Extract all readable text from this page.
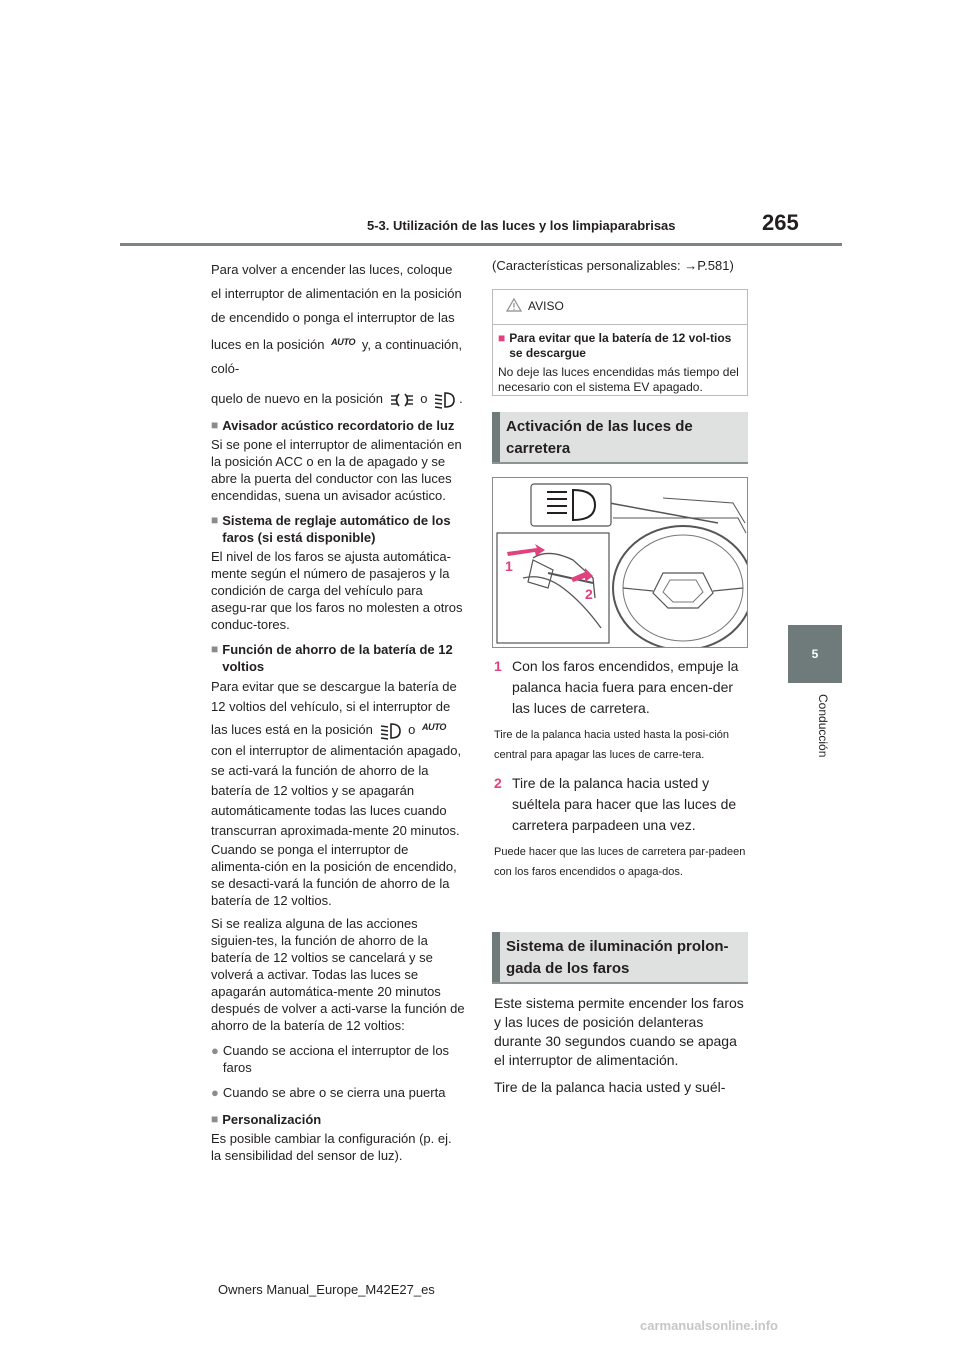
5-3. Utilización de las luces y los limpiaparabrisas	265
5
Conducción

Para volver a encender las luces, coloque el interruptor de alimentación en la posición de encendido o ponga el interruptor de las luces en la posición $^{AUTO}$ y, a continuación, coló-

quelo de nuevo en la posición	o .

■ Avisador acústico recordatorio de luz

Si se pone el interruptor de alimentación en la posición ACC o en la de apagado y se abre la puerta del conductor con las luces encendidas, suena un avisador acústico.

■ Sistema de reglaje automático de los faros (si está disponible)

El nivel de los faros se ajusta automática-mente según el número de pasajeros y la condición de carga del vehículo para asegu-rar que los faros no molesten a otros conduc-tores.

■ Función de ahorro de la batería de 12 voltios

Para evitar que se descargue la batería de 12 voltios del vehículo, si el interruptor de las luces está en la posición	o $^{AUTO}$ con el interruptor de alimentación apagado, se acti-vará la función de ahorro de la batería de 12 voltios y se apagarán automáticamente todas las luces cuando transcurran aproximada-mente 20 minutos.

Cuando se ponga el interruptor de alimenta-ción en la posición de encendido, se desacti-vará la función de ahorro de la batería de 12 voltios.

Si se realiza alguna de las acciones siguien-tes, la función de ahorro de la batería de 12 voltios se cancelará y se volverá a activar. Todas las luces se apagarán automática-mente 20 minutos después de volver a acti-varse la función de ahorro de la batería de 12 voltios:

● Cuando se acciona el interruptor de los faros
● Cuando se abre o se cierra una puerta
■ Personalización

Es posible cambiar la configuración (p. ej. la sensibilidad del sensor de luz).

(Características personalizables: →P.581)
AVISO
■ Para evitar que la batería de 12 vol-tios se descargue
No deje las luces encendidas más tiempo del necesario con el sistema EV apagado.
Activación de las luces de carretera
1
2
1 Con los faros encendidos, empuje la palanca hacia fuera para encen-der las luces de carretera.
Tire de la palanca hacia usted hasta la posi-ción central para apagar las luces de carre-tera.
2 Tire de la palanca hacia usted y suéltela para hacer que las luces de carretera parpadeen una vez.
Puede hacer que las luces de carretera par-padeen con los faros encendidos o apaga-dos.
Sistema de iluminación prolon-gada de los faros

Este sistema permite encender los faros y las luces de posición delanteras durante 30 segundos cuando se apaga el interruptor de alimentación.

Tire de la palanca hacia usted y suél-

Owners Manual_Europe_M42E27_es
carmanualsonline.info
